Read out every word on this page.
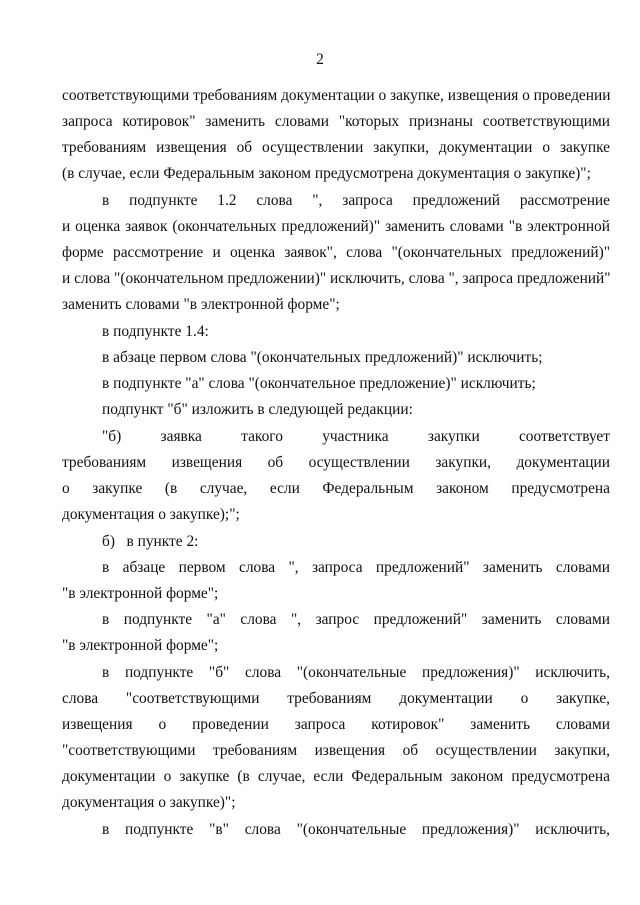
2
соответствующими требованиям документации о закупке, извещения о проведении
запроса котировок" заменить словами "которых признаны соответствующими
требованиям извещения об осуществлении закупки, документации о закупке
(в случае, если Федеральным законом предусмотрена документация о закупке)";
в подпункте 1.2 слова ", запроса предложений рассмотрение
и оценка заявок (окончательных предложений)" заменить словами "в электронной
форме рассмотрение и оценка заявок", слова "(окончательных предложений)"
и слова "(окончательном предложении)" исключить, слова ", запроса предложений"
заменить словами "в электронной форме";
в подпункте 1.4:
в абзаце первом слова "(окончательных предложений)" исключить;
в подпункте "а" слова "(окончательное предложение)" исключить;
подпункт "б" изложить в следующей редакции:
"б) заявка такого участника закупки соответствует
требованиям извещения об осуществлении закупки, документации
о закупке (в случае, если Федеральным законом предусмотрена
документация о закупке);";
б)   в пункте 2:
в абзаце первом слова ", запроса предложений" заменить словами
"в электронной форме";
в подпункте "а" слова ", запрос предложений" заменить словами
"в электронной форме";
в подпункте "б" слова "(окончательные предложения)" исключить,
слова "соответствующими требованиям документации о закупке,
извещения о проведении запроса котировок" заменить словами
"соответствующими требованиям извещения об осуществлении закупки,
документации о закупке (в случае, если Федеральным законом предусмотрена
документация о закупке)";
в подпункте "в" слова "(окончательные предложения)" исключить,
